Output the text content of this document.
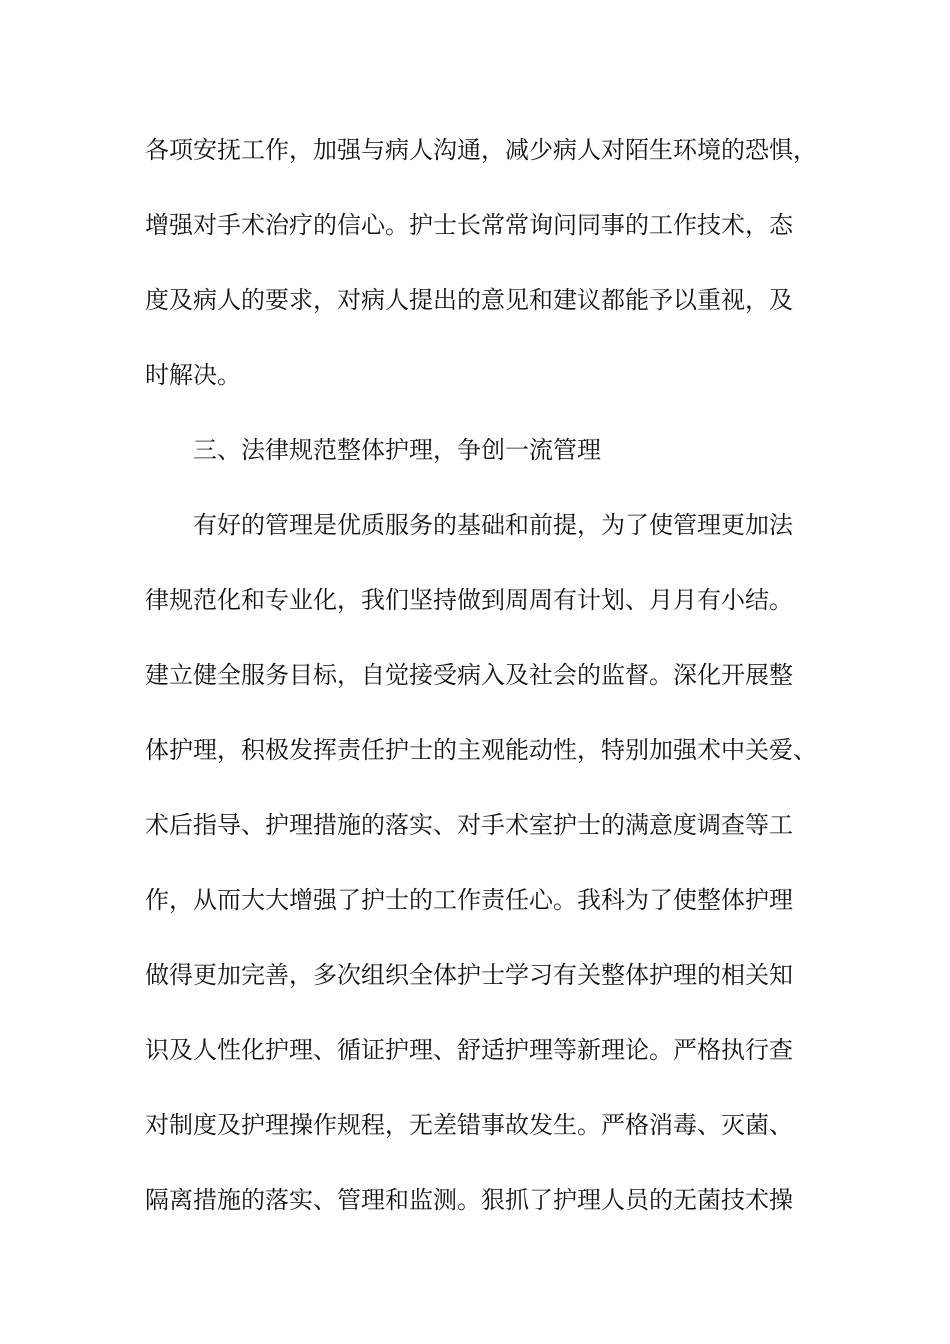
各项安抚工作，加强与病人沟通，减少病人对陌生环境的恐惧，
增强对手术治疗的信心。护士长常常询问同事的工作技术，态
度及病人的要求，对病人提出的意见和建议都能予以重视，及
时解决。
三、法律规范整体护理，争创一流管理
有好的管理是优质服务的基础和前提，为了使管理更加法
律规范化和专业化，我们坚持做到周周有计划、月月有小结。
建立健全服务目标，自觉接受病入及社会的监督。深化开展整
体护理，积极发挥责任护士的主观能动性，特别加强术中关爱、
术后指导、护理措施的落实、对手术室护士的满意度调查等工
作，从而大大增强了护士的工作责任心。我科为了使整体护理
做得更加完善，多次组织全体护士学习有关整体护理的相关知
识及人性化护理、循证护理、舒适护理等新理论。严格执行查
对制度及护理操作规程，无差错事故发生。严格消毒、灭菌、
隔离措施的落实、管理和监测。狠抓了护理人员的无菌技术操
